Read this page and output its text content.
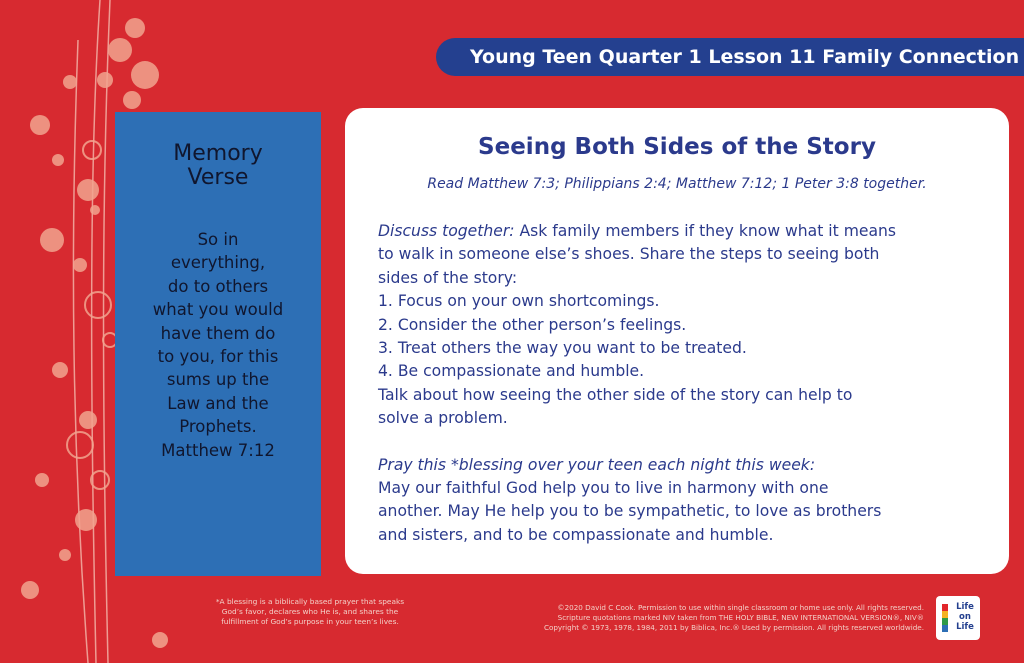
Young Teen Quarter 1 Lesson 11 Family Connection
Memory
Verse
So in
everything,
do to others
what you would
have them do
to you, for this
sums up the
Law and the
Prophets.
Matthew 7:12
Seeing Both Sides of the Story
Read Matthew 7:3; Philippians 2:4; Matthew 7:12; 1 Peter 3:8 together.
Discuss together: Ask family members if they know what it means
to walk in someone else’s shoes. Share the steps to seeing both
sides of the story:
1. Focus on your own shortcomings.
2. Consider the other person’s feelings.
3. Treat others the way you want to be treated.
4. Be compassionate and humble.
Talk about how seeing the other side of the story can help to
solve a problem.
Pray this *blessing over your teen each night this week:
May our faithful God help you to live in harmony with one
another. May He help you to be sympathetic, to love as brothers
and sisters, and to be compassionate and humble.
*A blessing is a biblically based prayer that speaks
God’s favor, declares who He is, and shares the
fulfillment of God’s purpose in your teen’s lives.
©2020 David C Cook. Permission to use within single classroom or home use only. All rights reserved.
Scripture quotations marked NIV taken from THE HOLY BIBLE, NEW INTERNATIONAL VERSION®, NIV®
Copyright © 1973, 1978, 1984, 2011 by Biblica, Inc.® Used by permission. All rights reserved worldwide.
Life
on
Life
